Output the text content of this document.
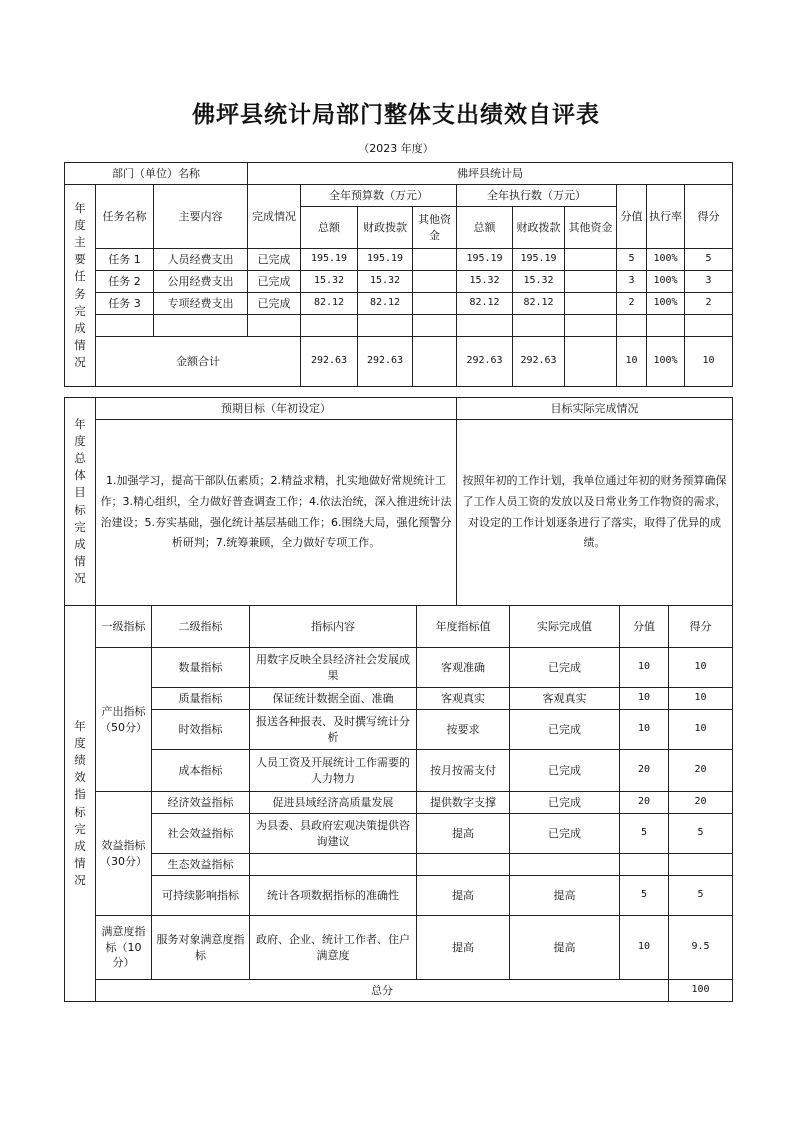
佛坪县统计局部门整体支出绩效自评表
（2023 年度）
部门（单位）名称			佛坪县统计局									

年度主要任务完成情况	任务名称	主要内容	完成情况	全年预算数（万元）			全年执行数（万元）			分值	执行率	得分
				总额	财政拨款	其他资金	总额	财政拨款	其他资金			
	任务 1	人员经费支出	已完成	195.19	195.19		195.19	195.19		5	100%	5
	任务 2	公用经费支出	已完成	15.32	15.32		15.32	15.32		3	100%	3
	任务 3	专项经费支出	已完成	82.12	82.12		82.12	82.12		2	100%	2

	金额合计			292.63	292.63		292.63	292.63		10	100%	10
年度总体目标完成情况	预期目标（年初设定）	目标实际完成情况
	1.加强学习，提高干部队伍素质；2.精益求精，扎实地做好常规统计工作；3.精心组织，全力做好普查调查工作；4.依法治统，深入推进统计法治建设；5.夯实基础，强化统计基层基础工作；6.围绕大局，强化预警分析研判；7.统筹兼顾，全力做好专项工作。	按照年初的工作计划，我单位通过年初的财务预算确保了工作人员工资的发放以及日常业务工作物资的需求，对设定的工作计划逐条进行了落实，取得了优异的成绩。
年度绩效指标完成情况	一级指标	二级指标	指标内容	年度指标值	实际完成值	分值	得分	
	产出指标（50分）	数量指标	用数字反映全县经济社会发展成果	客观准确	已完成	10	10	
		质量指标	保证统计数据全面、准确	客观真实	客观真实	10	10	
		时效指标	报送各种报表、及时撰写统计分析	按要求	已完成	10	10	
		成本指标	人员工资及开展统计工作需要的人力物力	按月按需支付	已完成	20	20	
	效益指标（30分）	经济效益指标	促进县域经济高质量发展	提供数字支撑	已完成	20	20	
		社会效益指标	为县委、县政府宏观决策提供咨询建议	提高	已完成	5	5	
		生态效益指标						
		可持续影响指标	统计各项数据指标的准确性	提高	提高	5	5	
	满意度指标（10分）	服务对象满意度指标	政府、企业、统计工作者、住户满意度	提高	提高	10	9.5	
	总分						100	
